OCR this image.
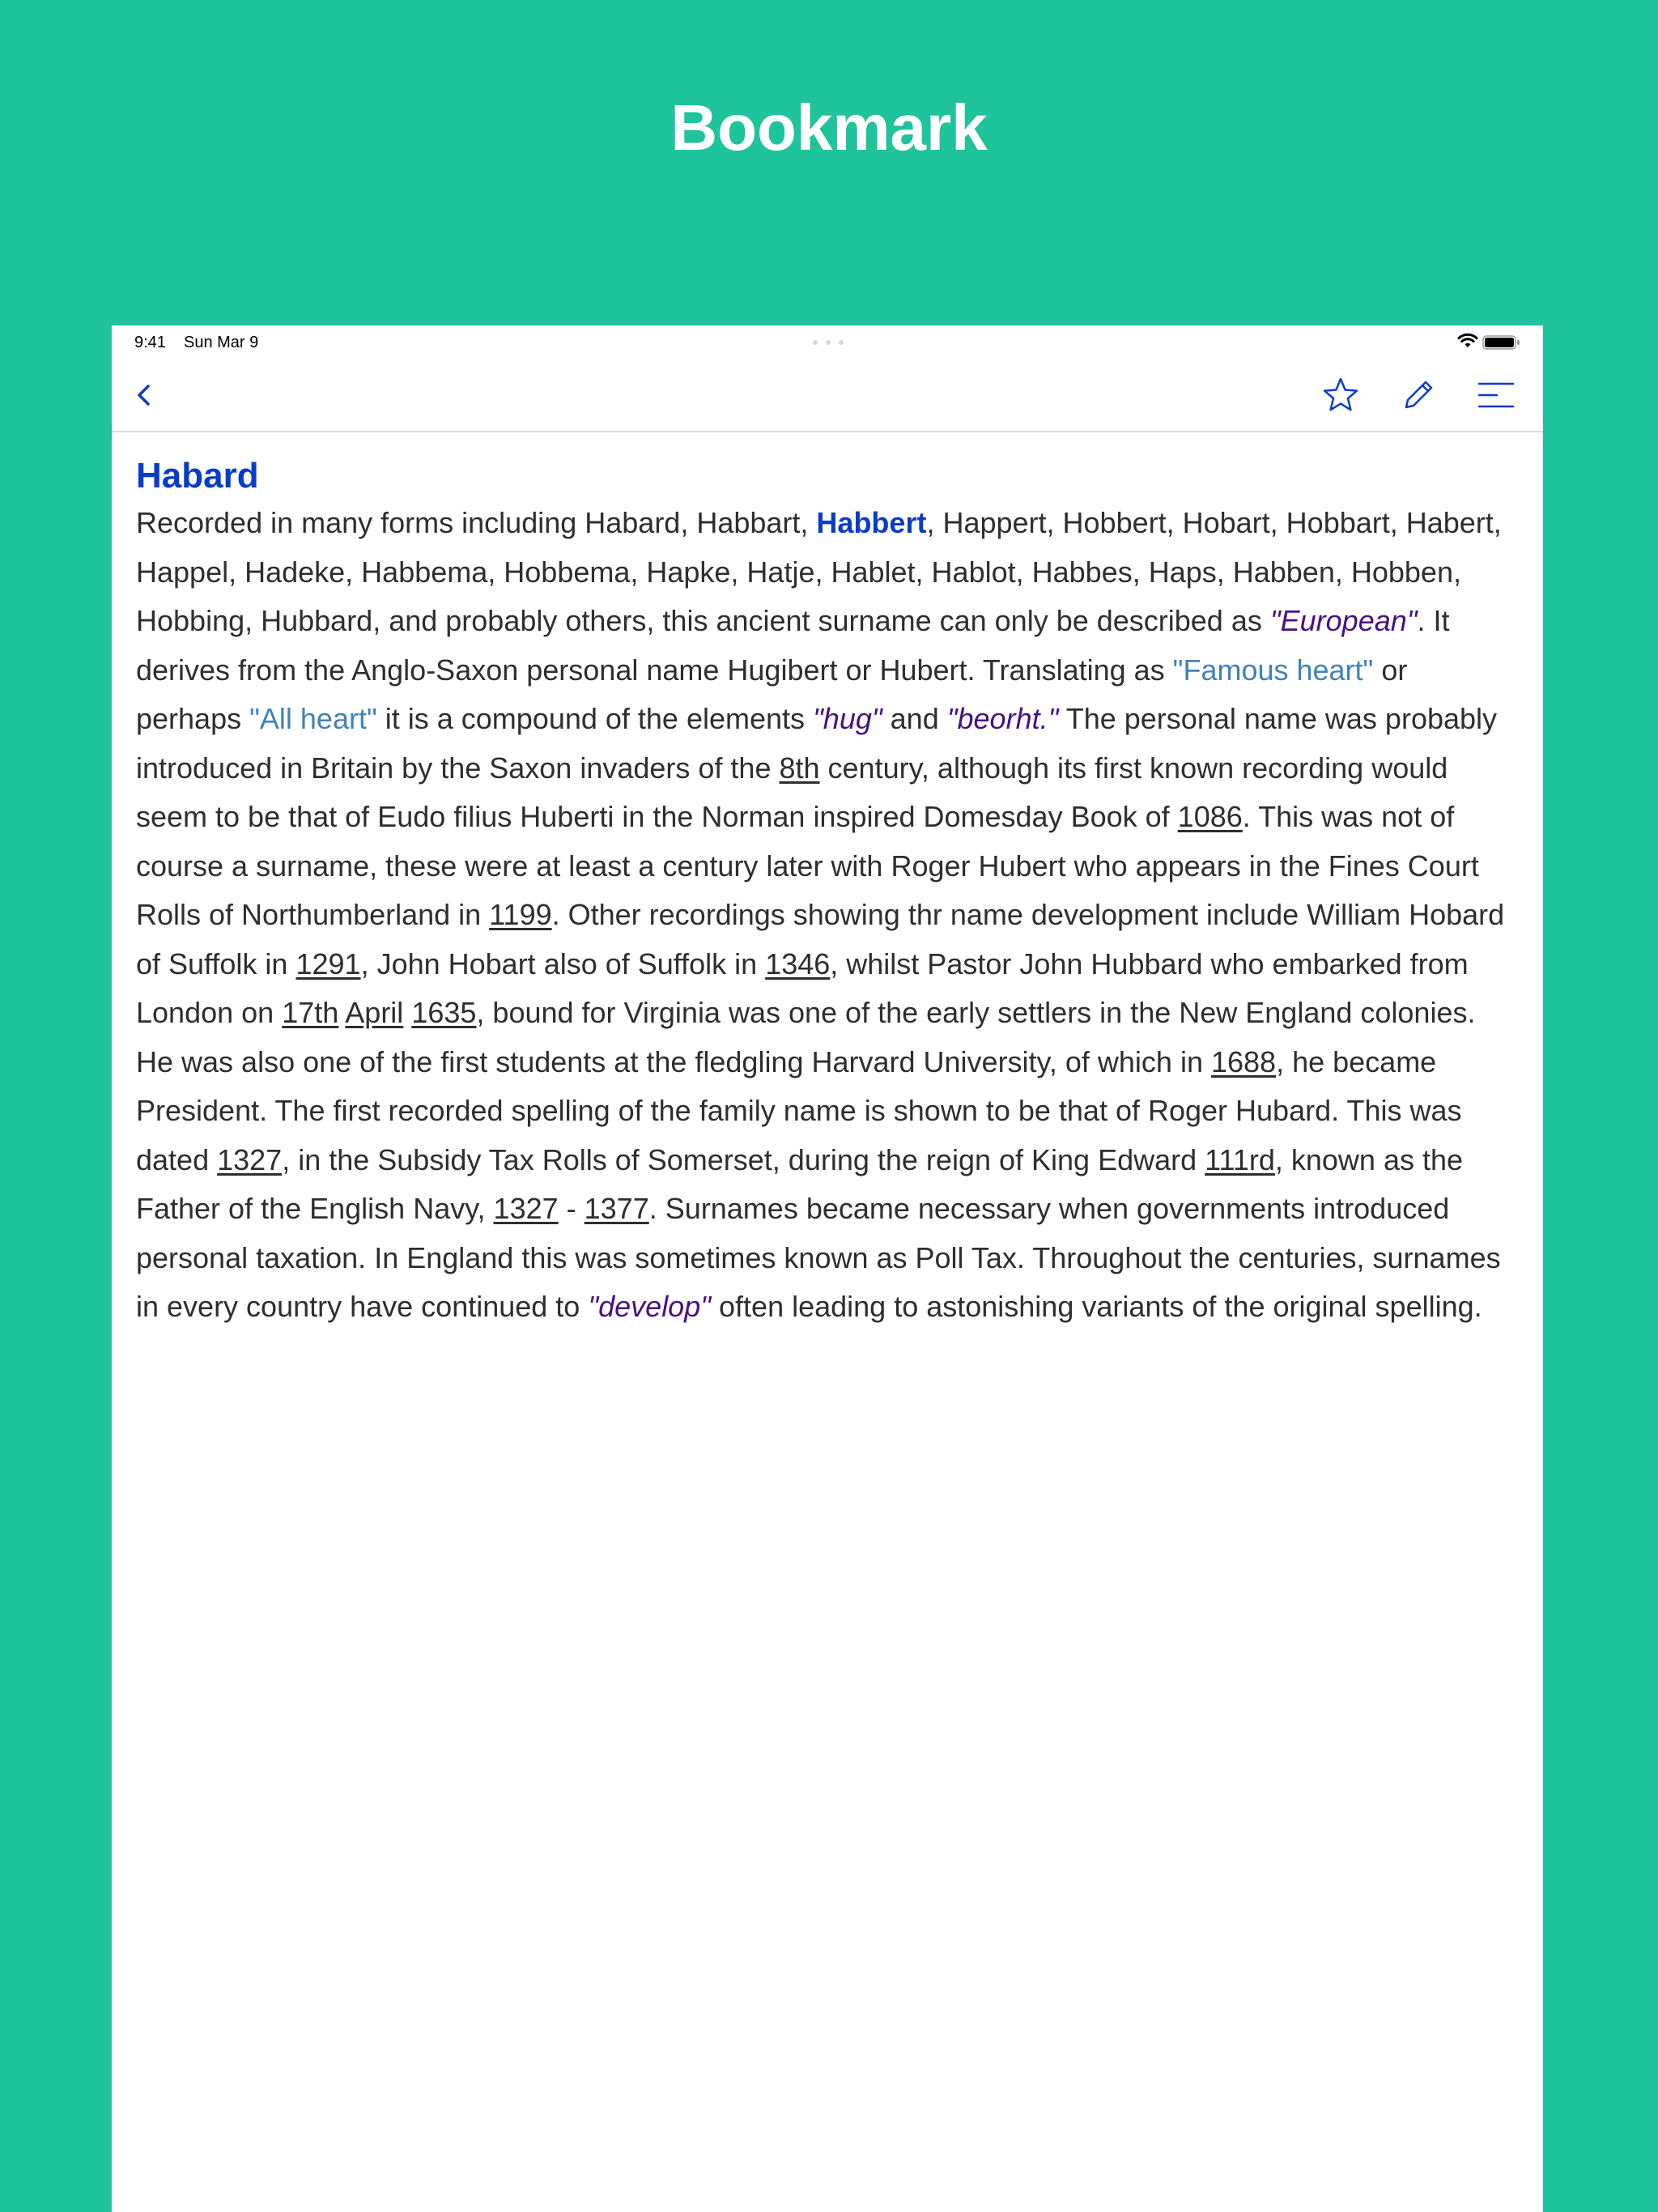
Bookmark
9:41 Sun Mar 9
Habard

Recorded in many forms including Habard, Habbart, Habbert, Happert, Hobbert, Hobart, Hobbart, Habert, Happel, Hadeke, Habbema, Hobbema, Hapke, Hatje, Hablet, Hablot, Habbes, Haps, Habben, Hobben, Hobbing, Hubbard, and probably others, this ancient surname can only be described as "European". It derives from the Anglo-Saxon personal name Hugibert or Hubert. Translating as "Famous heart" or perhaps "All heart" it is a compound of the elements "hug" and "beorht." The personal name was probably introduced in Britain by the Saxon invaders of the 8th century, although its first known recording would seem to be that of Eudo filius Huberti in the Norman inspired Domesday Book of 1086. This was not of course a surname, these were at least a century later with Roger Hubert who appears in the Fines Court Rolls of Northumberland in 1199. Other recordings showing thr name development include William Hobard of Suffolk in 1291, John Hobart also of Suffolk in 1346, whilst Pastor John Hubbard who embarked from London on 17th April 1635, bound for Virginia was one of the early settlers in the New England colonies. He was also one of the first students at the fledgling Harvard University, of which in 1688, he became President. The first recorded spelling of the family name is shown to be that of Roger Hubard. This was dated 1327, in the Subsidy Tax Rolls of Somerset, during the reign of King Edward 111rd, known as the Father of the English Navy, 1327 - 1377. Surnames became necessary when governments introduced personal taxation. In England this was sometimes known as Poll Tax. Throughout the centuries, surnames in every country have continued to "develop" often leading to astonishing variants of the original spelling.
